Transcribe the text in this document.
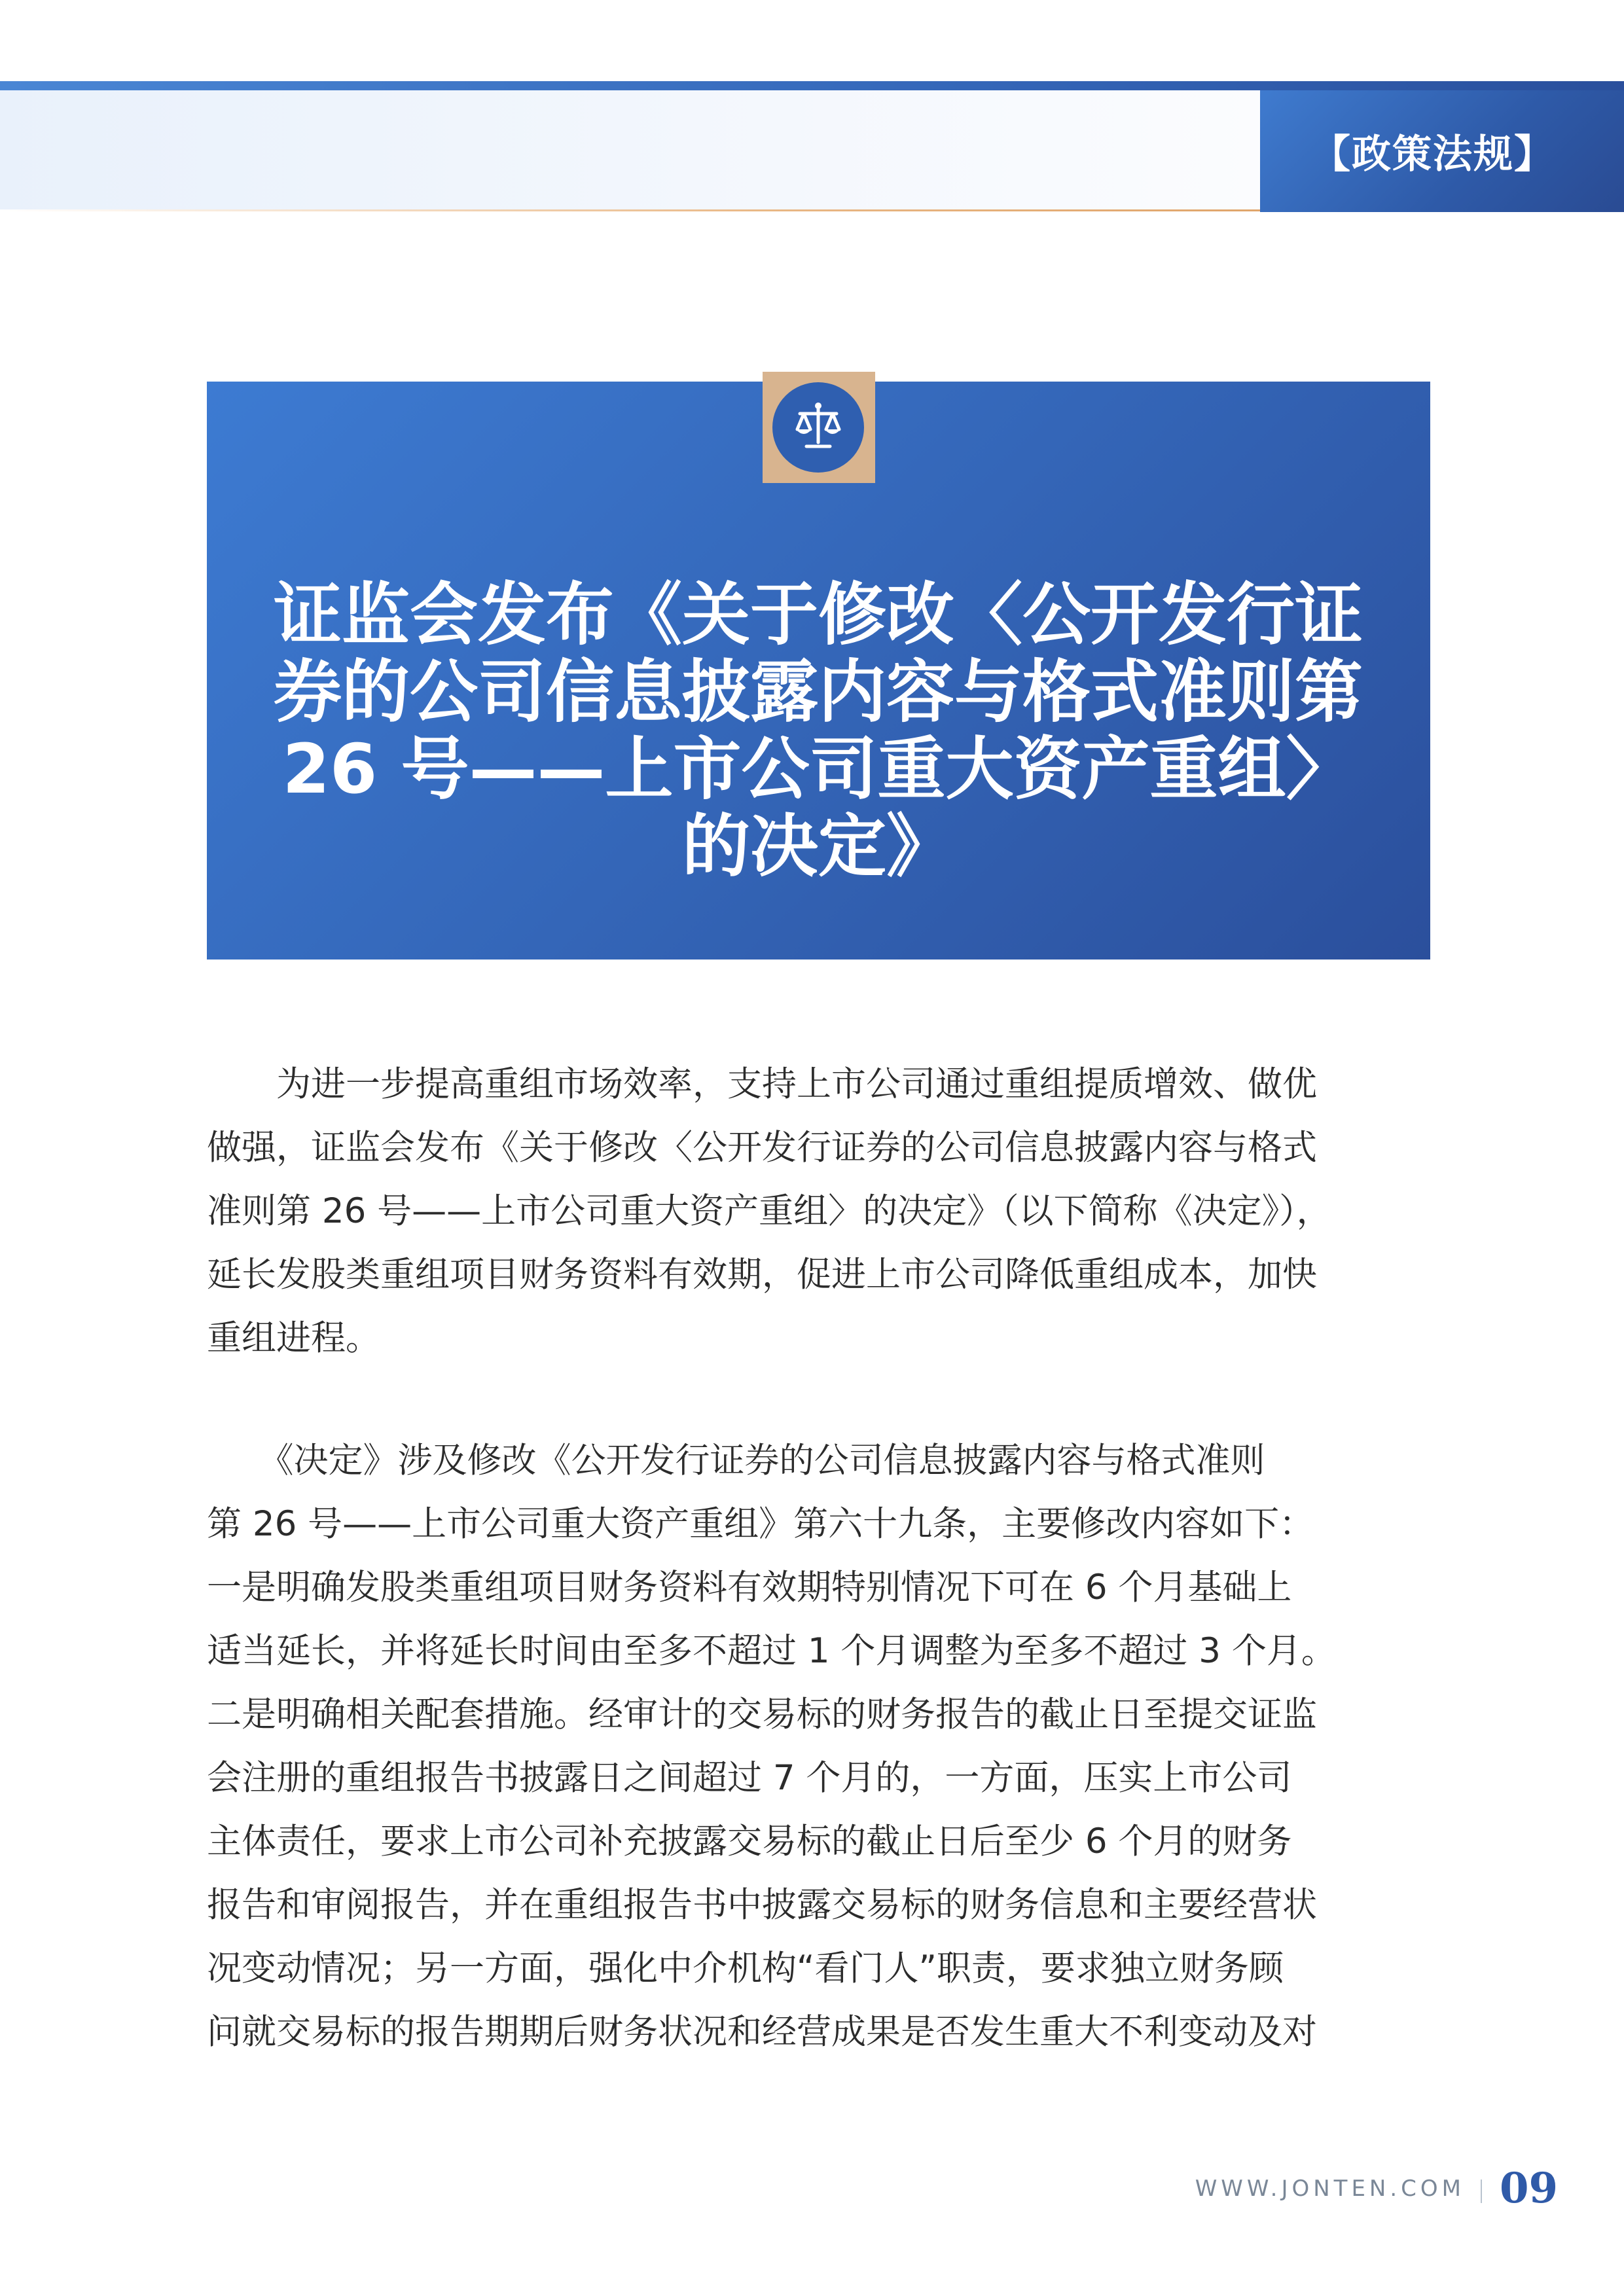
【政策法规】
证监会发布《关于修改〈公开发行证
券的公司信息披露内容与格式准则第
26 号——上市公司重大资产重组〉
的决定》
　　为进一步提高重组市场效率，支持上市公司通过重组提质增效、做优
做强，证监会发布《关于修改〈公开发行证券的公司信息披露内容与格式
准则第 26 号——上市公司重大资产重组〉的决定》（以下简称《决定》），
延长发股类重组项目财务资料有效期，促进上市公司降低重组成本，加快
重组进程。
　　《决定》涉及修改《公开发行证券的公司信息披露内容与格式准则
第 26 号——上市公司重大资产重组》第六十九条，主要修改内容如下：
一是明确发股类重组项目财务资料有效期特别情况下可在 6 个月基础上
适当延长，并将延长时间由至多不超过 1 个月调整为至多不超过 3 个月。
二是明确相关配套措施。经审计的交易标的财务报告的截止日至提交证监
会注册的重组报告书披露日之间超过 7 个月的，一方面，压实上市公司
主体责任，要求上市公司补充披露交易标的截止日后至少 6 个月的财务
报告和审阅报告，并在重组报告书中披露交易标的财务信息和主要经营状
况变动情况；另一方面，强化中介机构“看门人”职责，要求独立财务顾
问就交易标的报告期期后财务状况和经营成果是否发生重大不利变动及对
WWW.JONTEN.COM 09
